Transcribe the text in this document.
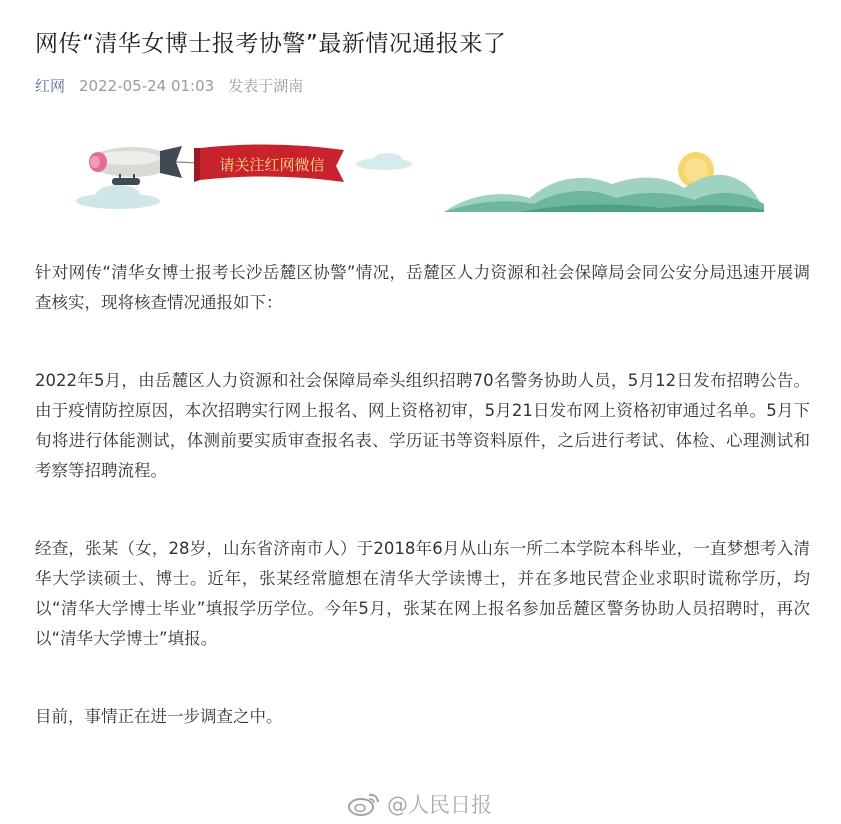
网传“清华女博士报考协警”最新情况通报来了
红网 2022-05-24 01:03 发表于湖南
请关注红网微信

针对网传“清华女博士报考长沙岳麓区协警”情况，岳麓区人力资源和社会保障局会同公安分局迅速开展调查核实，现将核查情况通报如下：

2022年5月，由岳麓区人力资源和社会保障局牵头组织招聘70名警务协助人员，5月12日发布招聘公告。由于疫情防控原因，本次招聘实行网上报名、网上资格初审，5月21日发布网上资格初审通过名单。5月下旬将进行体能测试，体测前要实质审查报名表、学历证书等资料原件，之后进行考试、体检、心理测试和考察等招聘流程。

经查，张某（女，28岁，山东省济南市人）于2018年6月从山东一所二本学院本科毕业，一直梦想考入清华大学读硕士、博士。近年，张某经常臆想在清华大学读博士，并在多地民营企业求职时谎称学历，均以“清华大学博士毕业”填报学历学位。今年5月，张某在网上报名参加岳麓区警务协助人员招聘时，再次以“清华大学博士”填报。

目前，事情正在进一步调查之中。

@人民日报
